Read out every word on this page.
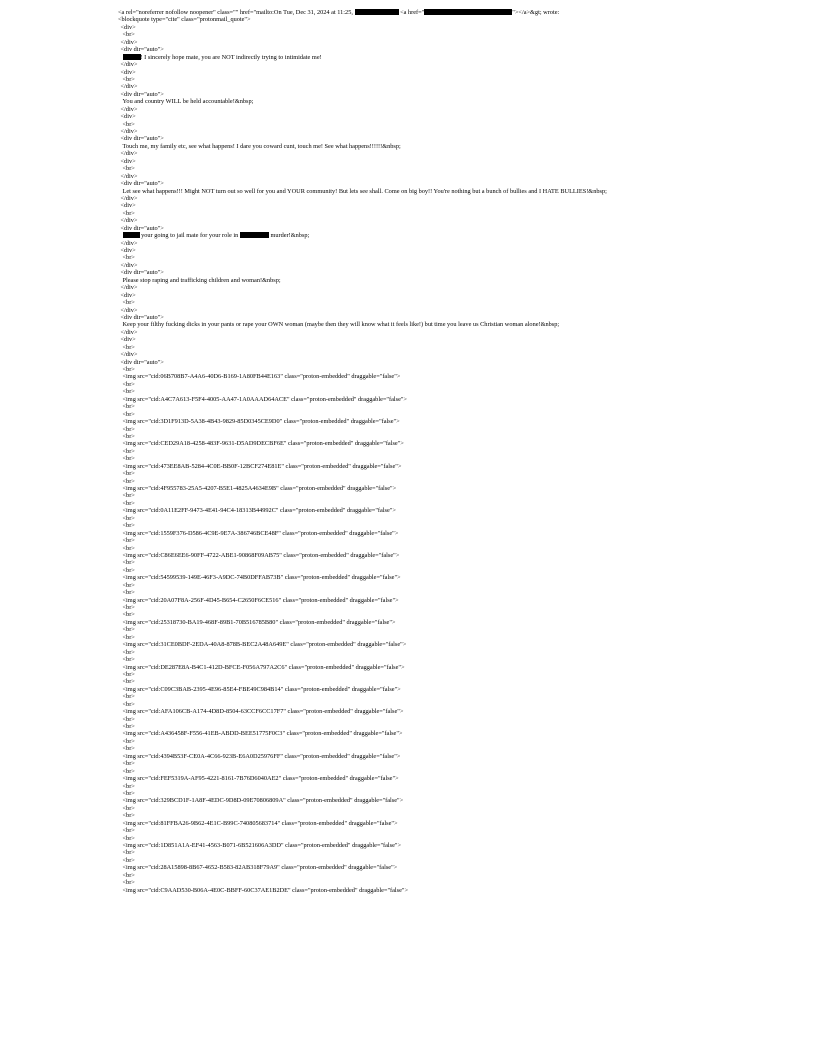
<a rel="noreferrer nofollow noopener" class="" href="mailto:On Tue, Dec 31, 2024 at 11:25,	<a href="	"></a>&gt; wrote:
<blockquote type="cite" class="protonmail_quote">
<div>
<br>
</div>
<div dir="auto">
! I sincerely hope mate, you are NOT indirectly trying to intimidate me!
</div>
<div>
<br>
</div>
<div dir="auto">
You and country WILL be held accountable!&nbsp;
</div>
<div>
<br>
</div>
<div dir="auto">
Touch me, my family etc, see what happens! I dare you coward cunt, touch me! See what happens!!!!!!&nbsp;
</div>
<div>
<br>
</div>
<div dir="auto">
Let see what happens!!! Might NOT turn out so well for you and YOUR community! But lets see shall. Come on big boy!! You're nothing but a bunch of bullies and I HATE BULLIES!&nbsp;
</div>
<div>
<br>
</div>
<div dir="auto">
your going to jail mate for your role in	murder!&nbsp;
</div>
<div>
<br>
</div>
<div dir="auto">
Please stop raping and trafficking children and woman!&nbsp;
</div>
<div>
<br>
</div>
<div dir="auto">
Keep your filthy fucking dicks in your pants or rape your OWN woman (maybe then they will know what it feels like!) but time you leave us Christian woman alone!&nbsp;
</div>
<div>
<br>
</div>
<div dir="auto">
<br>
<img src="cid:06B708B7-A4A6-40D6-B169-1A80FB44E163" class="proton-embedded" draggable="false">
<br>
<br>
<img src="cid:A4C7A613-F5F4-4005-AA47-1A0AAAD64ACE" class="proton-embedded" draggable="false">
<br>
<br>
<img src="cid:3D1F913D-5A38-4B43-9829-85D0345CE9D0" class="proton-embedded" draggable="false">
<br>
<br>
<img src="cid:CED29A18-4258-483F-9631-D5AD9DECBF6E" class="proton-embedded" draggable="false">
<br>
<br>
<img src="cid:473EE8AB-5284-4C0E-BB0F-12BCF274E81E" class="proton-embedded" draggable="false">
<br>
<br>
<img src="cid:4F955783-25A5-4207-B5E1-4825A4634E9B" class="proton-embedded" draggable="false">
<br>
<br>
<img src="cid:0A11E2FF-9473-4E41-94C4-18313B44992C" class="proton-embedded" draggable="false">
<br>
<br>
<img src="cid:1559F376-D586-4C9E-9E7A-386746BCE48F" class="proton-embedded" draggable="false">
<br>
<br>
<img src="cid:C86E6EE6-90FF-4722-ABE1-90868F09AB75" class="proton-embedded" draggable="false">
<br>
<br>
<img src="cid:54599539-149E-46F3-A9DC-74B0DFFAB73B" class="proton-embedded" draggable="false">
<br>
<br>
<img src="cid:20A07F8A-256F-4D45-B654-C2650F6CE516" class="proton-embedded" draggable="false">
<br>
<br>
<img src="cid:25318730-BA19-468F-89B1-70B516785B80" class="proton-embedded" draggable="false">
<br>
<br>
<img src="cid:31CE0BDF-2EDA-40A8-878B-BEC2A48A649E" class="proton-embedded" draggable="false">
<br>
<br>
<img src="cid:DE287E8A-B4C1-412D-BFCE-F056A797A2C6" class="proton-embedded" draggable="false">
<br>
<br>
<img src="cid:C09C3BAB-2395-4E96-85E4-FBE49C984B14" class="proton-embedded" draggable="false">
<br>
<br>
<img src="cid:AFA106CB-A174-4D8D-8504-63CCF6CC17F7" class="proton-embedded" draggable="false">
<br>
<br>
<img src="cid:A436458F-F556-41EB-ABDD-BEE51775F0C3" class="proton-embedded" draggable="false">
<br>
<br>
<img src="cid:4394B53F-CE0A-4C66-923B-E6A0D25976FF" class="proton-embedded" draggable="false">
<br>
<br>
<img src="cid:FEF5319A-AF95-4221-8161-7B76D6040AE2" class="proton-embedded" draggable="false">
<br>
<br>
<img src="cid:329BCD1F-1A8F-4EDC-9D8D-09E70806809A" class="proton-embedded" draggable="false">
<br>
<br>
<img src="cid:81FFBA26-9B62-4E1C-B99C-740805683714" class="proton-embedded" draggable="false">
<br>
<br>
<img src="cid:1D851A1A-EF41-4563-B071-6B521606A3DD" class="proton-embedded" draggable="false">
<br>
<br>
<img src="cid:28A15898-8B67-4652-B583-82AB318F79A9" class="proton-embedded" draggable="false">
<br>
<br>
<img src="cid:C9AAD530-B06A-4E0C-BBFF-60C37AE1B2DE" class="proton-embedded" draggable="false">
